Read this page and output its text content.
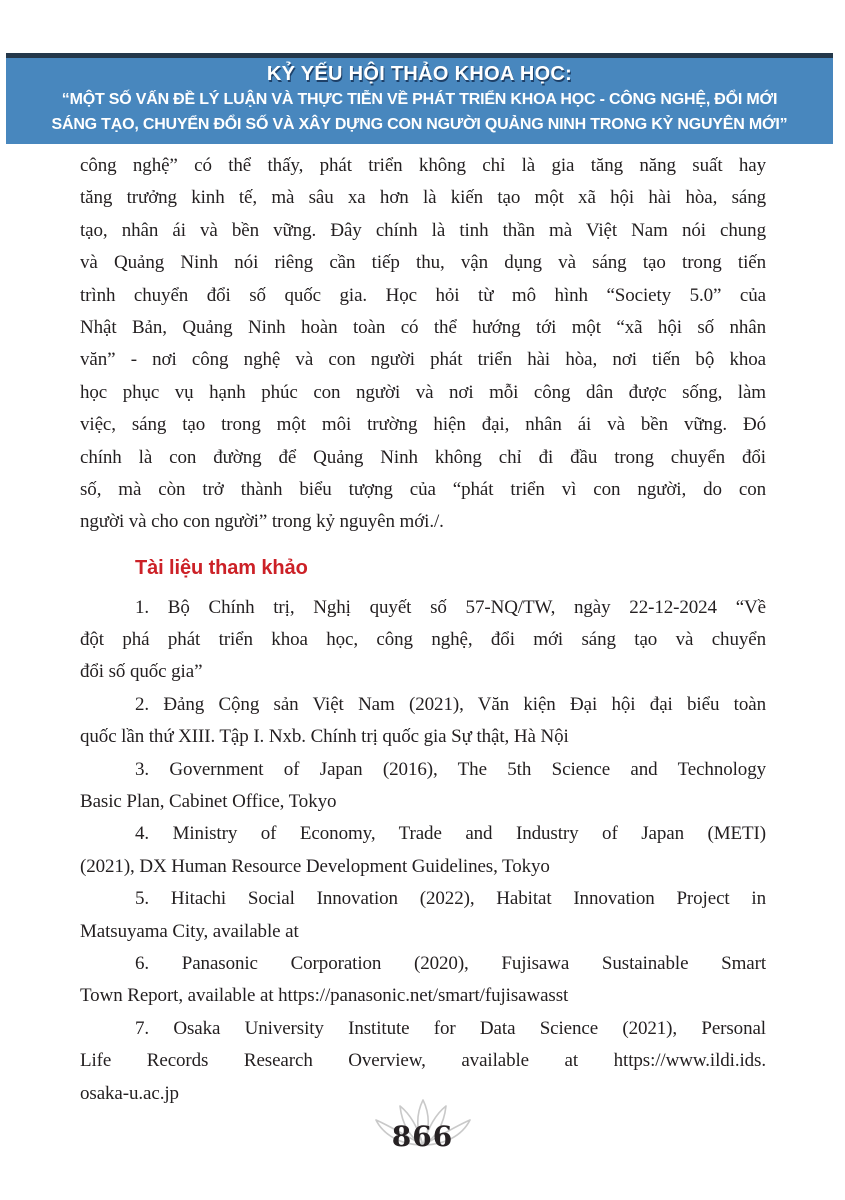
KỶ YẾU HỘI THẢO KHOA HỌC:
“MỘT SỐ VẤN ĐỀ LÝ LUẬN VÀ THỰC TIỄN VỀ PHÁT TRIỂN KHOA HỌC - CÔNG NGHỆ, ĐỔI MỚI
SÁNG TẠO, CHUYỂN ĐỔI SỐ VÀ XÂY DỰNG CON NGƯỜI QUẢNG NINH TRONG KỶ NGUYÊN MỚI”
công nghệ” có thể thấy, phát triển không chỉ là gia tăng năng suất hay
tăng trưởng kinh tế, mà sâu xa hơn là kiến tạo một xã hội hài hòa, sáng
tạo, nhân ái và bền vững. Đây chính là tinh thần mà Việt Nam nói chung
và Quảng Ninh nói riêng cần tiếp thu, vận dụng và sáng tạo trong tiến
trình chuyển đổi số quốc gia. Học hỏi từ mô hình “Society 5.0” của
Nhật Bản, Quảng Ninh hoàn toàn có thể hướng tới một “xã hội số nhân
văn” - nơi công nghệ và con người phát triển hài hòa, nơi tiến bộ khoa
học phục vụ hạnh phúc con người và nơi mỗi công dân được sống, làm
việc, sáng tạo trong một môi trường hiện đại, nhân ái và bền vững. Đó
chính là con đường để Quảng Ninh không chỉ đi đầu trong chuyển đổi
số, mà còn trở thành biểu tượng của “phát triển vì con người, do con
người và cho con người” trong kỷ nguyên mới./.
Tài liệu tham khảo
1. Bộ Chính trị, Nghị quyết số 57-NQ/TW, ngày 22-12-2024 “Về
đột phá phát triển khoa học, công nghệ, đổi mới sáng tạo và chuyển
đổi số quốc gia”
2. Đảng Cộng sản Việt Nam (2021), Văn kiện Đại hội đại biểu toàn
quốc lần thứ XIII. Tập I. Nxb. Chính trị quốc gia Sự thật, Hà Nội
3. Government of Japan (2016), The 5th Science and Technology
Basic Plan, Cabinet Office, Tokyo
4. Ministry of Economy, Trade and Industry of Japan (METI)
(2021), DX Human Resource Development Guidelines, Tokyo
5. Hitachi Social Innovation (2022), Habitat Innovation Project in
Matsuyama City, available at
6. Panasonic Corporation (2020), Fujisawa Sustainable Smart
Town Report, available at https://panasonic.net/smart/fujisawasst
7. Osaka University Institute for Data Science (2021), Personal
Life Records Research Overview, available at https://www.ildi.ids.
osaka-u.ac.jp
866
